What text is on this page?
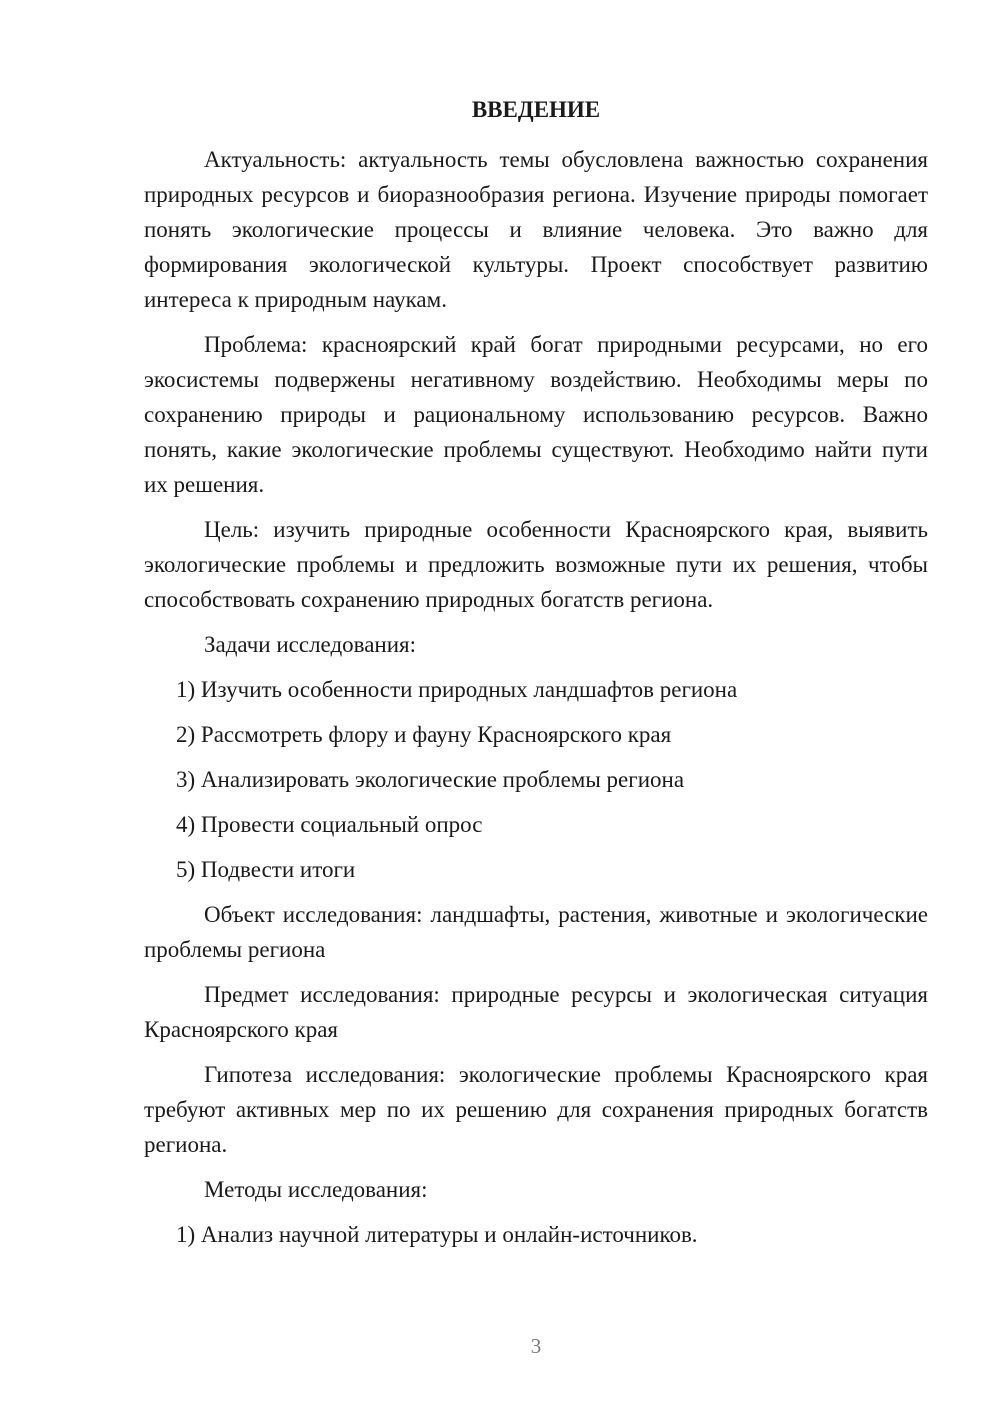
ВВЕДЕНИЕ

Актуальность: актуальность темы обусловлена важностью сохранения природных ресурсов и биоразнообразия региона. Изучение природы помогает понять экологические процессы и влияние человека. Это важно для формирования экологической культуры. Проект способствует развитию интереса к природным наукам.

Проблема: красноярский край богат природными ресурсами, но его экосистемы подвержены негативному воздействию. Необходимы меры по сохранению природы и рациональному использованию ресурсов. Важно понять, какие экологические проблемы существуют. Необходимо найти пути их решения.

Цель: изучить природные особенности Красноярского края, выявить экологические проблемы и предложить возможные пути их решения, чтобы способствовать сохранению природных богатств региона.

Задачи исследования:

1) Изучить особенности природных ландшафтов региона

2) Рассмотреть флору и фауну Красноярского края

3) Анализировать экологические проблемы региона

4) Провести социальный опрос

5) Подвести итоги

Объект исследования: ландшафты, растения, животные и экологические проблемы региона

Предмет исследования: природные ресурсы и экологическая ситуация Красноярского края

Гипотеза исследования: экологические проблемы Красноярского края требуют активных мер по их решению для сохранения природных богатств региона.

Методы исследования:

1) Анализ научной литературы и онлайн-источников.

3
